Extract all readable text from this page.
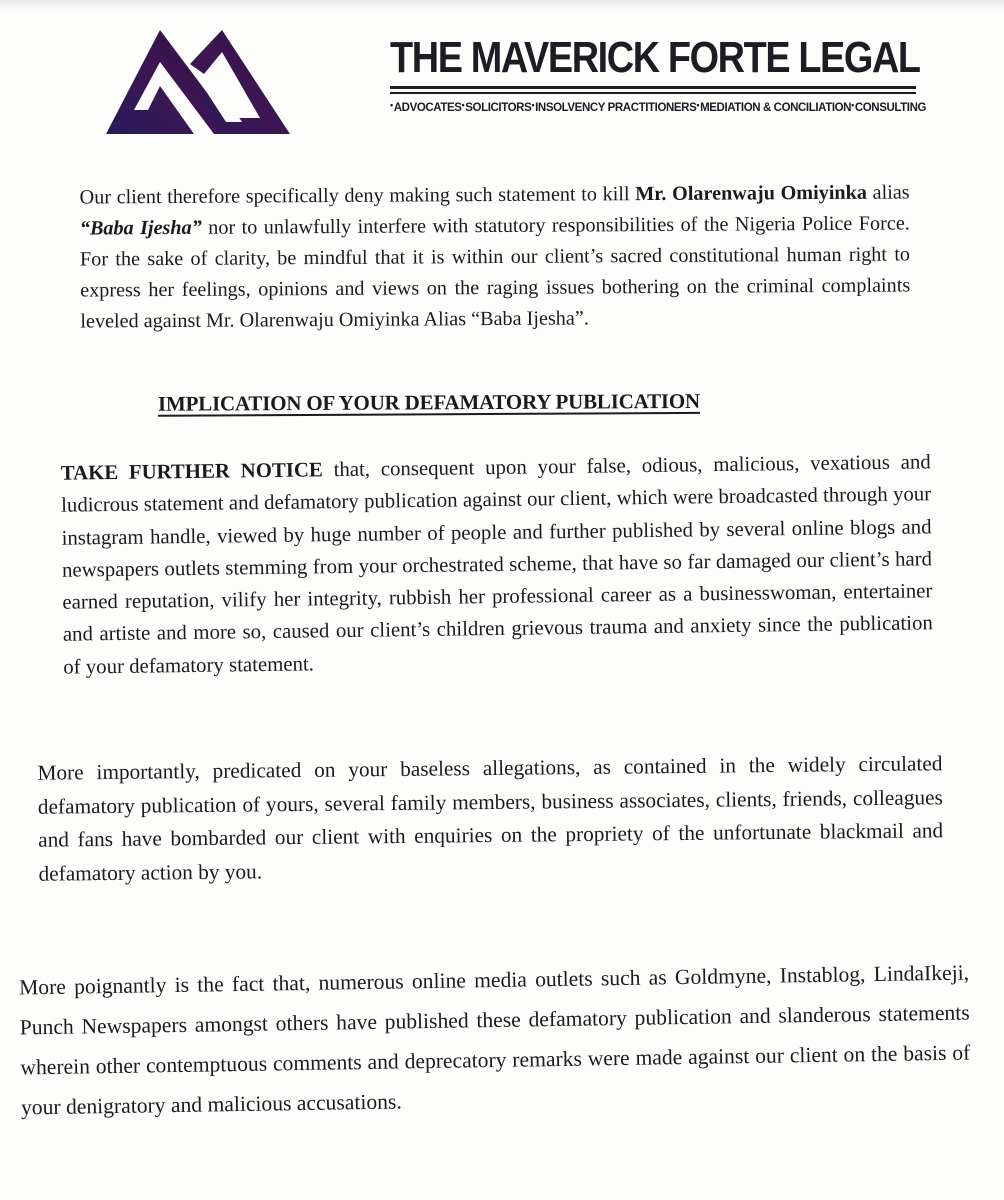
THE MAVERICK FORTE LEGAL
• ADVOCATES • SOLICITORS • INSOLVENCY PRACTITIONERS • MEDIATION & CONCILIATION • CONSULTING
Our client therefore specifically deny making such statement to kill Mr. Olarenwaju Omiyinka alias “Baba Ijesha” nor to unlawfully interfere with statutory responsibilities of the Nigeria Police Force. For the sake of clarity, be mindful that it is within our client’s sacred constitutional human right to express her feelings, opinions and views on the raging issues bothering on the criminal complaints leveled against Mr. Olarenwaju Omiyinka Alias “Baba Ijesha”.
IMPLICATION OF YOUR DEFAMATORY PUBLICATION
TAKE FURTHER NOTICE that, consequent upon your false, odious, malicious, vexatious and ludicrous statement and defamatory publication against our client, which were broadcasted through your instagram handle, viewed by huge number of people and further published by several online blogs and newspapers outlets stemming from your orchestrated scheme, that have so far damaged our client’s hard earned reputation, vilify her integrity, rubbish her professional career as a businesswoman, entertainer and artiste and more so, caused our client’s children grievous trauma and anxiety since the publication of your defamatory statement.
More importantly, predicated on your baseless allegations, as contained in the widely circulated defamatory publication of yours, several family members, business associates, clients, friends, colleagues and fans have bombarded our client with enquiries on the propriety of the unfortunate blackmail and defamatory action by you.
More poignantly is the fact that, numerous online media outlets such as Goldmyne, Instablog, LindaIkeji, Punch Newspapers amongst others have published these defamatory publication and slanderous statements wherein other contemptuous comments and deprecatory remarks were made against our client on the basis of your denigratory and malicious accusations.
